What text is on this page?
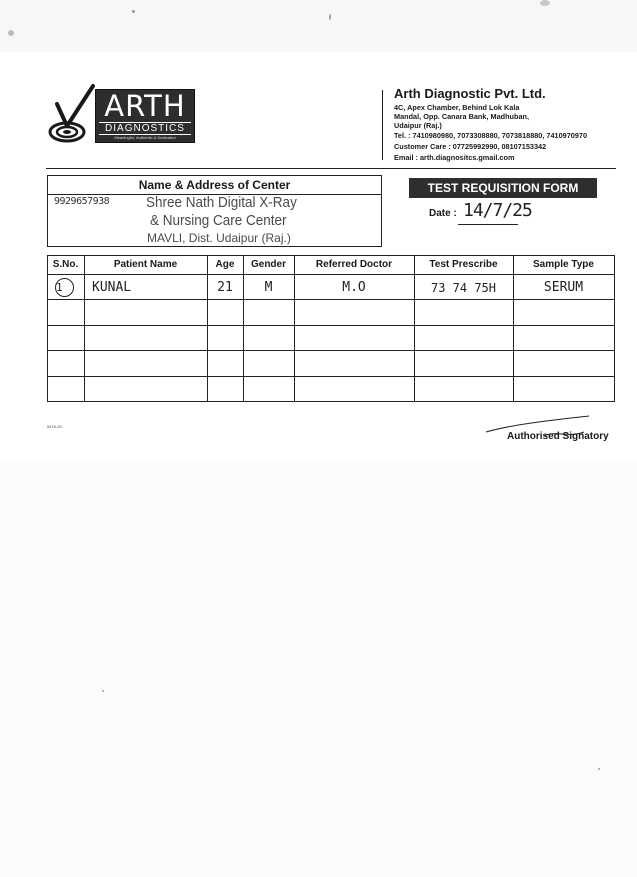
ARTH
DIAGNOSTICS
Meaningful, Authentic & Dedicated
Arth Diagnostic Pvt. Ltd.
4C, Apex Chamber, Behind Lok Kala
Mandal, Opp. Canara Bank, Madhuban,
Udaipur (Raj.)
Tel. : 7410980980, 7073308880, 7073818880, 7410970970
Customer Care : 07725992990, 08107153342
Email : arth.diagnositcs.gmail.com
Name & Address of Center
9929657938 Shree Nath Digital X-Ray
& Nursing Care Center
MAVLI, Dist. Udaipur (Raj.)
TEST REQUISITION FORM
Date : 14/7/25
S.No.	Patient Name	Age	Gender	Referred Doctor	Test Prescribe	Sample Type
1	KUNAL	21	M	M.O	73 74 75H	SERUM
5476-20
Authorised Signatory
